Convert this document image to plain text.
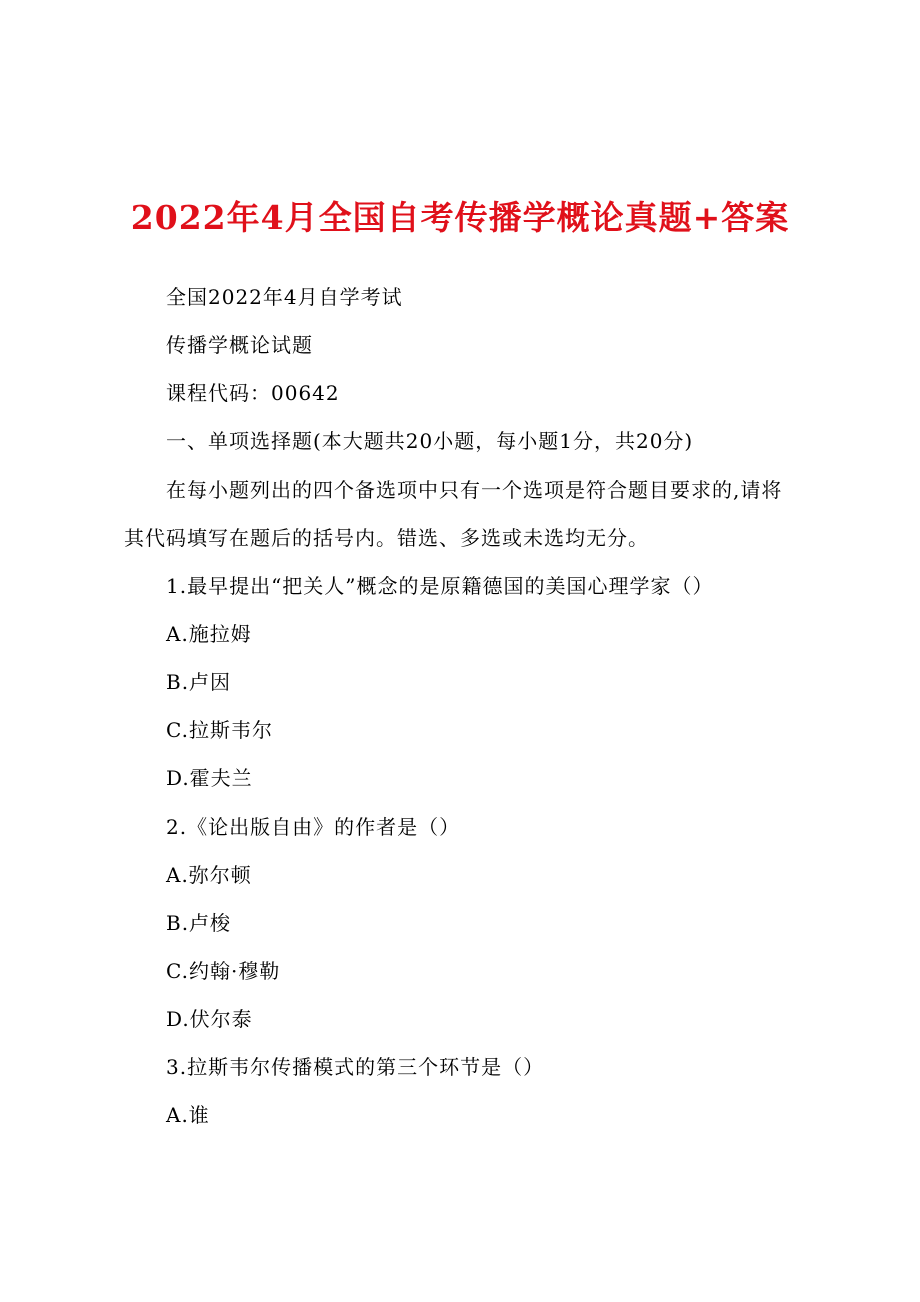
2022年4月全国自考传播学概论真题+答案
全国2022年4月自学考试
传播学概论试题
课程代码：00642
一、单项选择题(本大题共20小题，每小题1分，共20分)
在每小题列出的四个备选项中只有一个选项是符合题目要求的,请将
其代码填写在题后的括号内。错选、多选或未选均无分。
1.最早提出“把关人”概念的是原籍德国的美国心理学家（）
A.施拉姆
B.卢因
C.拉斯韦尔
D.霍夫兰
2.《论出版自由》的作者是（）
A.弥尔顿
B.卢梭
C.约翰·穆勒
D.伏尔泰
3.拉斯韦尔传播模式的第三个环节是（）
A.谁
